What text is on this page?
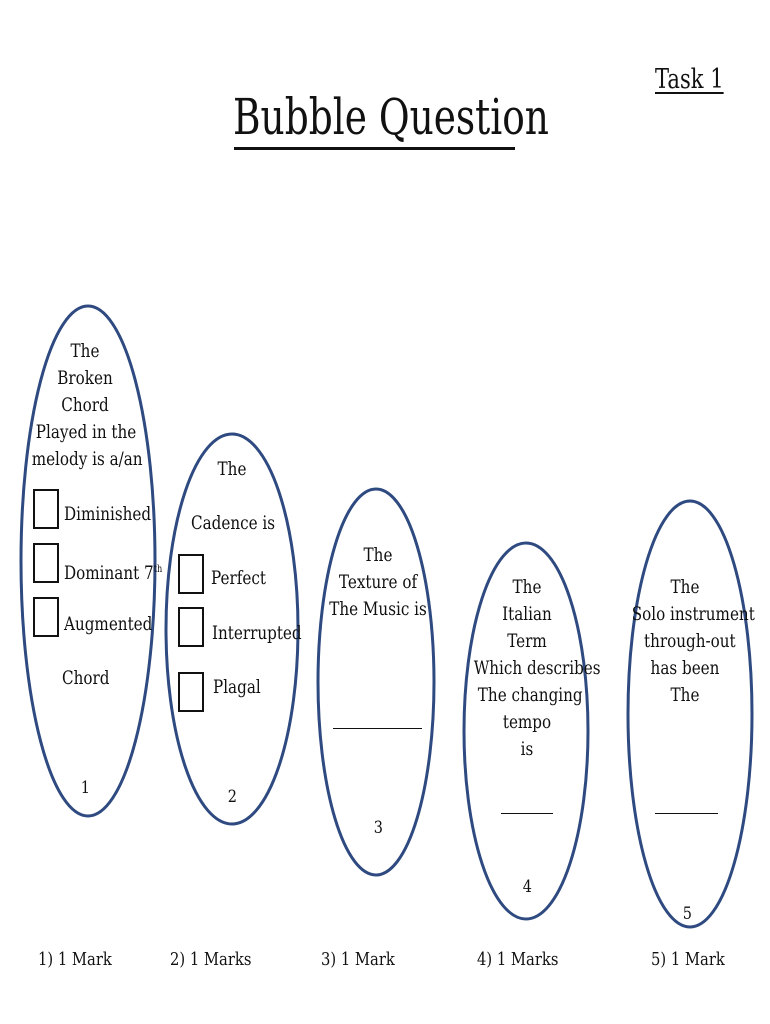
Task 1
Bubble Question
The
Broken
Chord
Played in the
melody is a/an
Diminished
Dominant 7th
Augmented
Chord
1
The
Cadence is
Perfect
Interrupted
Plagal
2
The
Texture of
The Music is
3
The
Italian
Term
Which describes
The changing
tempo
is
4
The
Solo instrument
through-out
has been
The
5
1) 1 Mark	2) 1 Marks	3) 1 Mark	4) 1 Marks	5) 1 Mark
